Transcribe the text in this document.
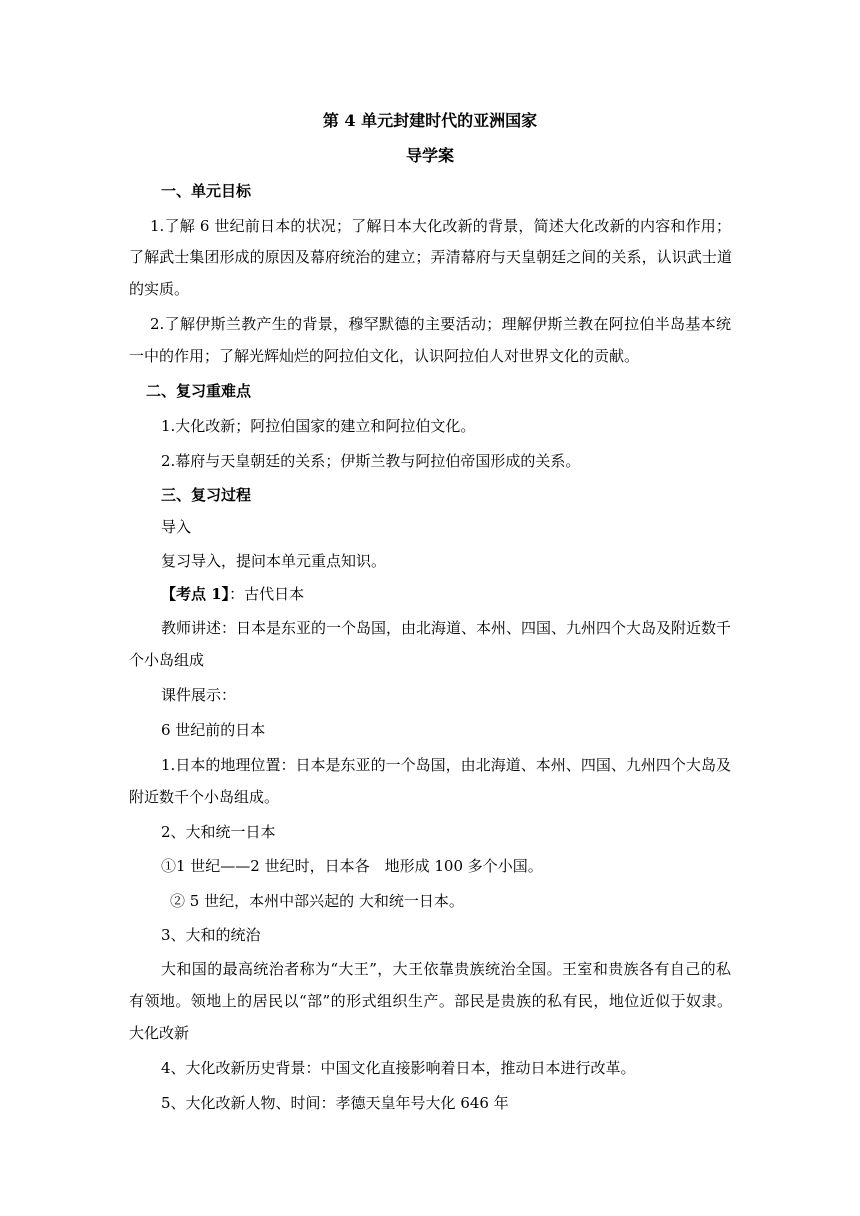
第 4 单元封建时代的亚洲国家
导学案
一、单元目标
1.了解 6 世纪前日本的状况；了解日本大化改新的背景，简述大化改新的内容和作用；
了解武士集团形成的原因及幕府统治的建立；弄清幕府与天皇朝廷之间的关系，认识武士道
的实质。
2.了解伊斯兰教产生的背景，穆罕默德的主要活动；理解伊斯兰教在阿拉伯半岛基本统
一中的作用；了解光辉灿烂的阿拉伯文化，认识阿拉伯人对世界文化的贡献。
二、复习重难点
1.大化改新；阿拉伯国家的建立和阿拉伯文化。
2.幕府与天皇朝廷的关系；伊斯兰教与阿拉伯帝国形成的关系。
三、复习过程
导入
复习导入，提问本单元重点知识。
【考点 1】：古代日本
教师讲述：日本是东亚的一个岛国，由北海道、本州、四国、九州四个大岛及附近数千
个小岛组成
课件展示：
6 世纪前的日本
1.日本的地理位置：日本是东亚的一个岛国，由北海道、本州、四国、九州四个大岛及
附近数千个小岛组成。
2、大和统一日本
①1 世纪——2 世纪时，日本各　地形成 100 多个小国。
② 5 世纪，本州中部兴起的 大和统一日本。
3、大和的统治
大和国的最高统治者称为“大王”，大王依靠贵族统治全国。王室和贵族各有自己的私
有领地。领地上的居民以“部”的形式组织生产。部民是贵族的私有民，地位近似于奴隶。
大化改新
4、大化改新历史背景：中国文化直接影响着日本，推动日本进行改革。
5、大化改新人物、时间：孝德天皇年号大化 646 年
